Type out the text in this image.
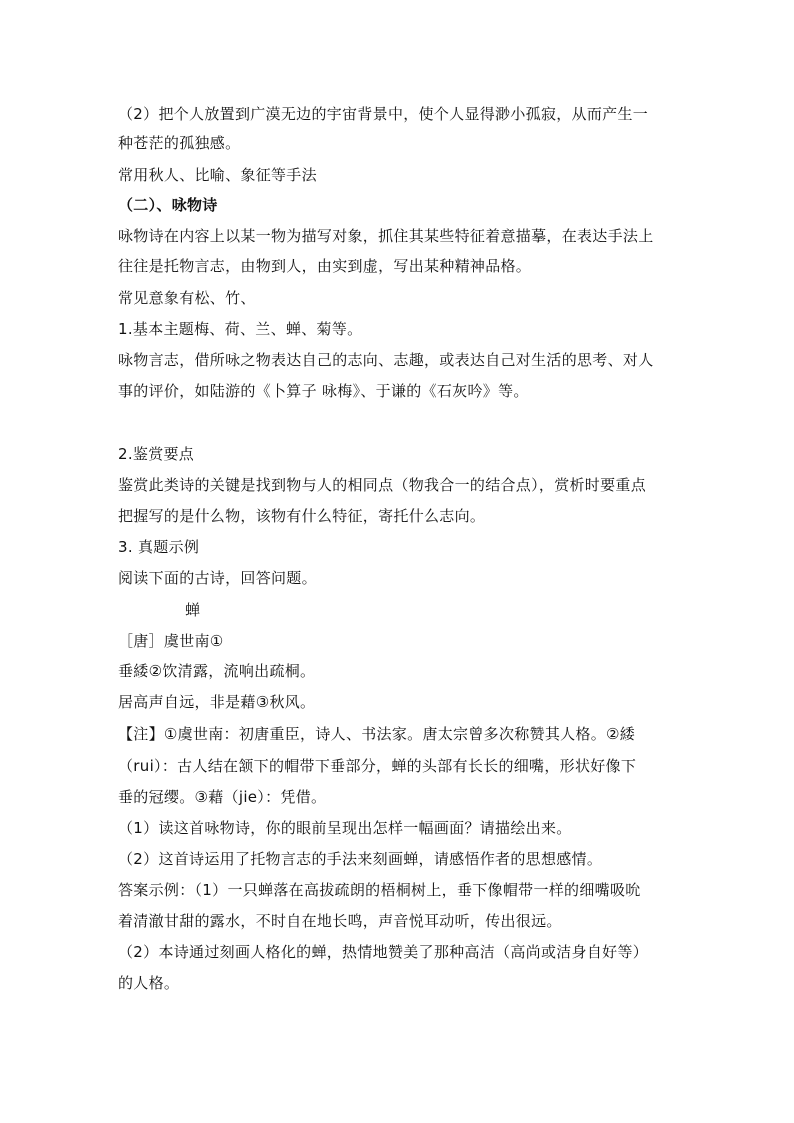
（2）把个人放置到广漠无边的宇宙背景中，使个人显得渺小孤寂，从而产生一
种苍茫的孤独感。
常用秋人、比喻、象征等手法
（二）、咏物诗
咏物诗在内容上以某一物为描写对象，抓住其某些特征着意描摹，在表达手法上
往往是托物言志，由物到人，由实到虚，写出某种精神品格。
常见意象有松、竹、
1.基本主题梅、荷、兰、蝉、菊等。
咏物言志，借所咏之物表达自己的志向、志趣，或表达自己对生活的思考、对人
事的评价，如陆游的《卜算子 咏梅》、于谦的《石灰吟》等。
2.鉴赏要点
鉴赏此类诗的关键是找到物与人的相同点（物我合一的结合点），赏析时要重点
把握写的是什么物，该物有什么特征，寄托什么志向。
3. 真题示例
阅读下面的古诗，回答问题。
蝉
［唐］虞世南①
垂緌②饮清露，流响出疏桐。
居高声自远，非是藉③秋风。
【注】①虞世南：初唐重臣，诗人、书法家。唐太宗曾多次称赞其人格。②緌
（rui）：古人结在颔下的帽带下垂部分，蝉的头部有长长的细嘴，形状好像下
垂的冠缨。③藉（jie）：凭借。
（1）读这首咏物诗，你的眼前呈现出怎样一幅画面？请描绘出来。
（2）这首诗运用了托物言志的手法来刻画蝉，请感悟作者的思想感情。
答案示例：（1）一只蝉落在高拔疏朗的梧桐树上，垂下像帽带一样的细嘴吸吮
着清澈甘甜的露水，不时自在地长鸣，声音悦耳动听，传出很远。
（2）本诗通过刻画人格化的蝉，热情地赞美了那种高洁（高尚或洁身自好等）
的人格。
